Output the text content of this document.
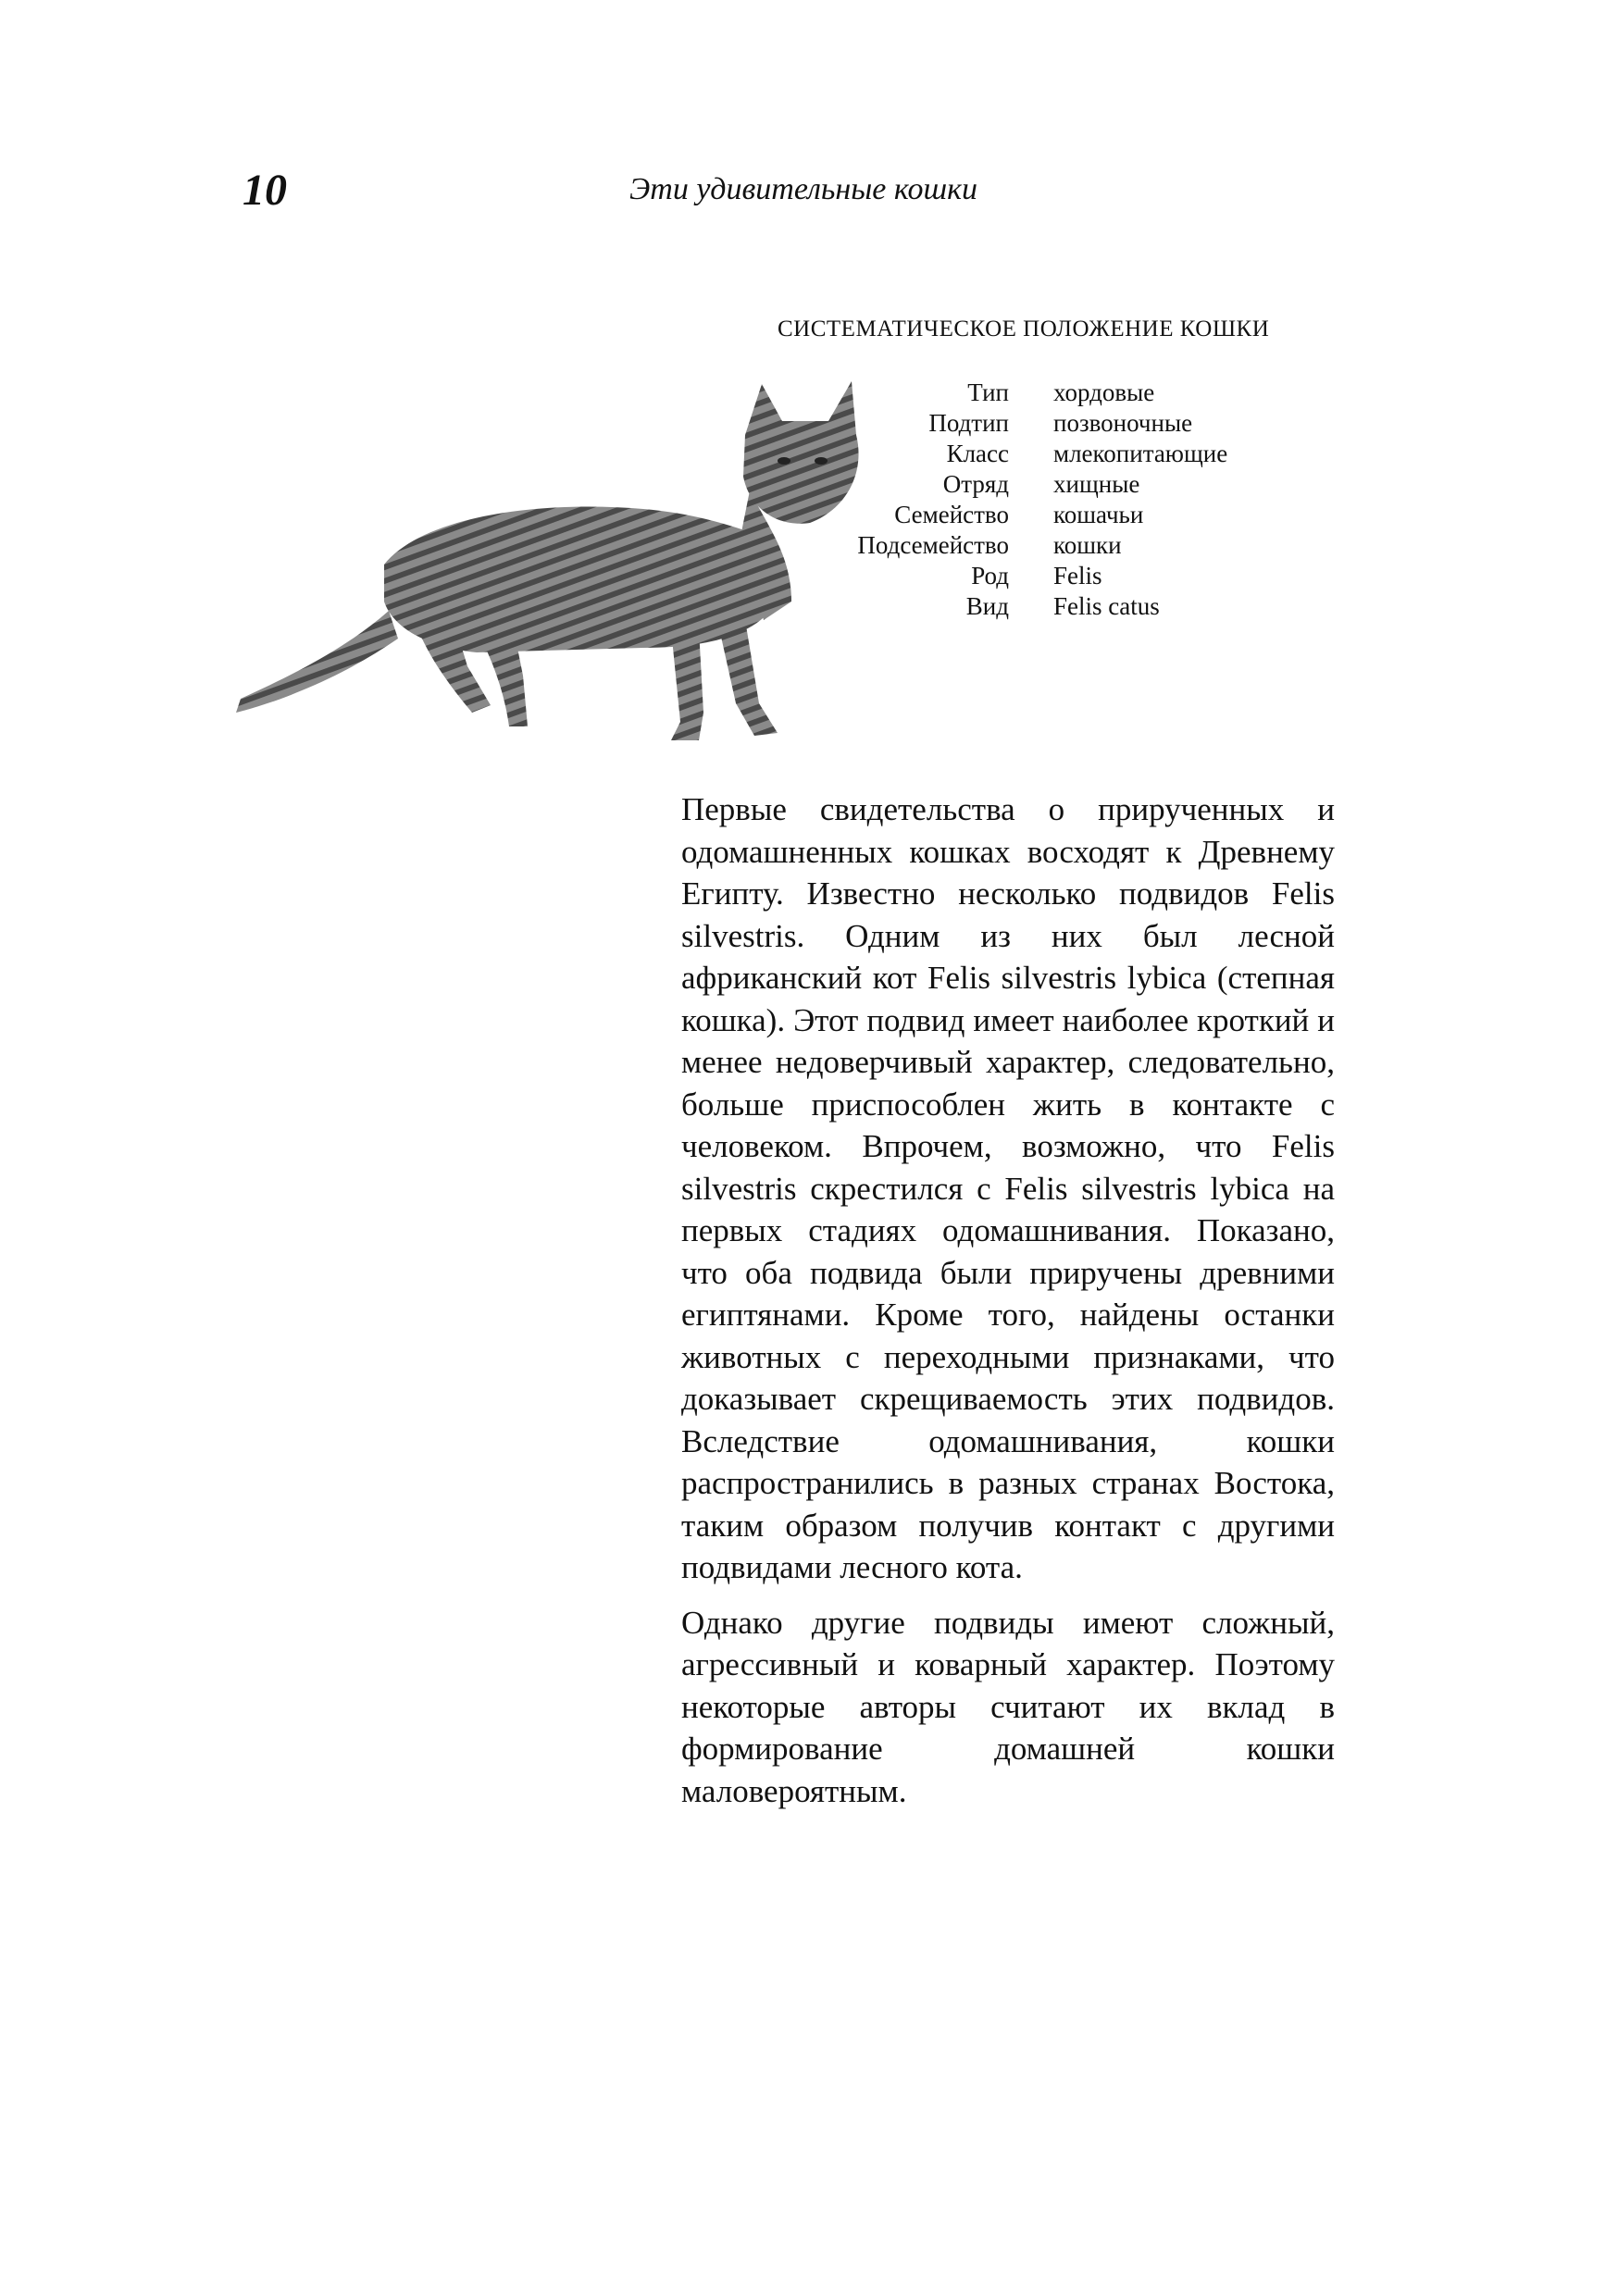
10	Эти удивительные кошки
СИСТЕМАТИЧЕСКОЕ ПОЛОЖЕНИЕ КОШКИ
Тип хордовые
Подтип позвоночные
Класс млекопитающие
Отряд хищные
Семейство кошачьи
Подсемейство кошки
Род Felis
Вид Felis catus

Первые свидетельства о прирученных и одомашненных кошках восходят к Древнему Египту. Известно несколько подвидов Felis silvestris. Одним из них был лесной африканский кот Felis silvestris lybica (степная кошка). Этот подвид имеет наиболее кроткий и менее недоверчивый характер, следовательно, больше приспособлен жить в контакте с человеком. Впрочем, возможно, что Felis silvestris скрестился с Felis silvestris lybica на первых стадиях одомашнивания. Показано, что оба подвида были приручены древними египтянами. Кроме того, найдены останки животных с переходными признаками, что доказывает скрещиваемость этих подвидов. Вследствие одомашнивания, кошки распространились в разных странах Востока, таким образом получив контакт с другими подвидами лесного кота.

Однако другие подвиды имеют сложный, агрессивный и коварный характер. Поэтому некоторые авторы считают их вклад в формирование домашней кошки маловероятным.
